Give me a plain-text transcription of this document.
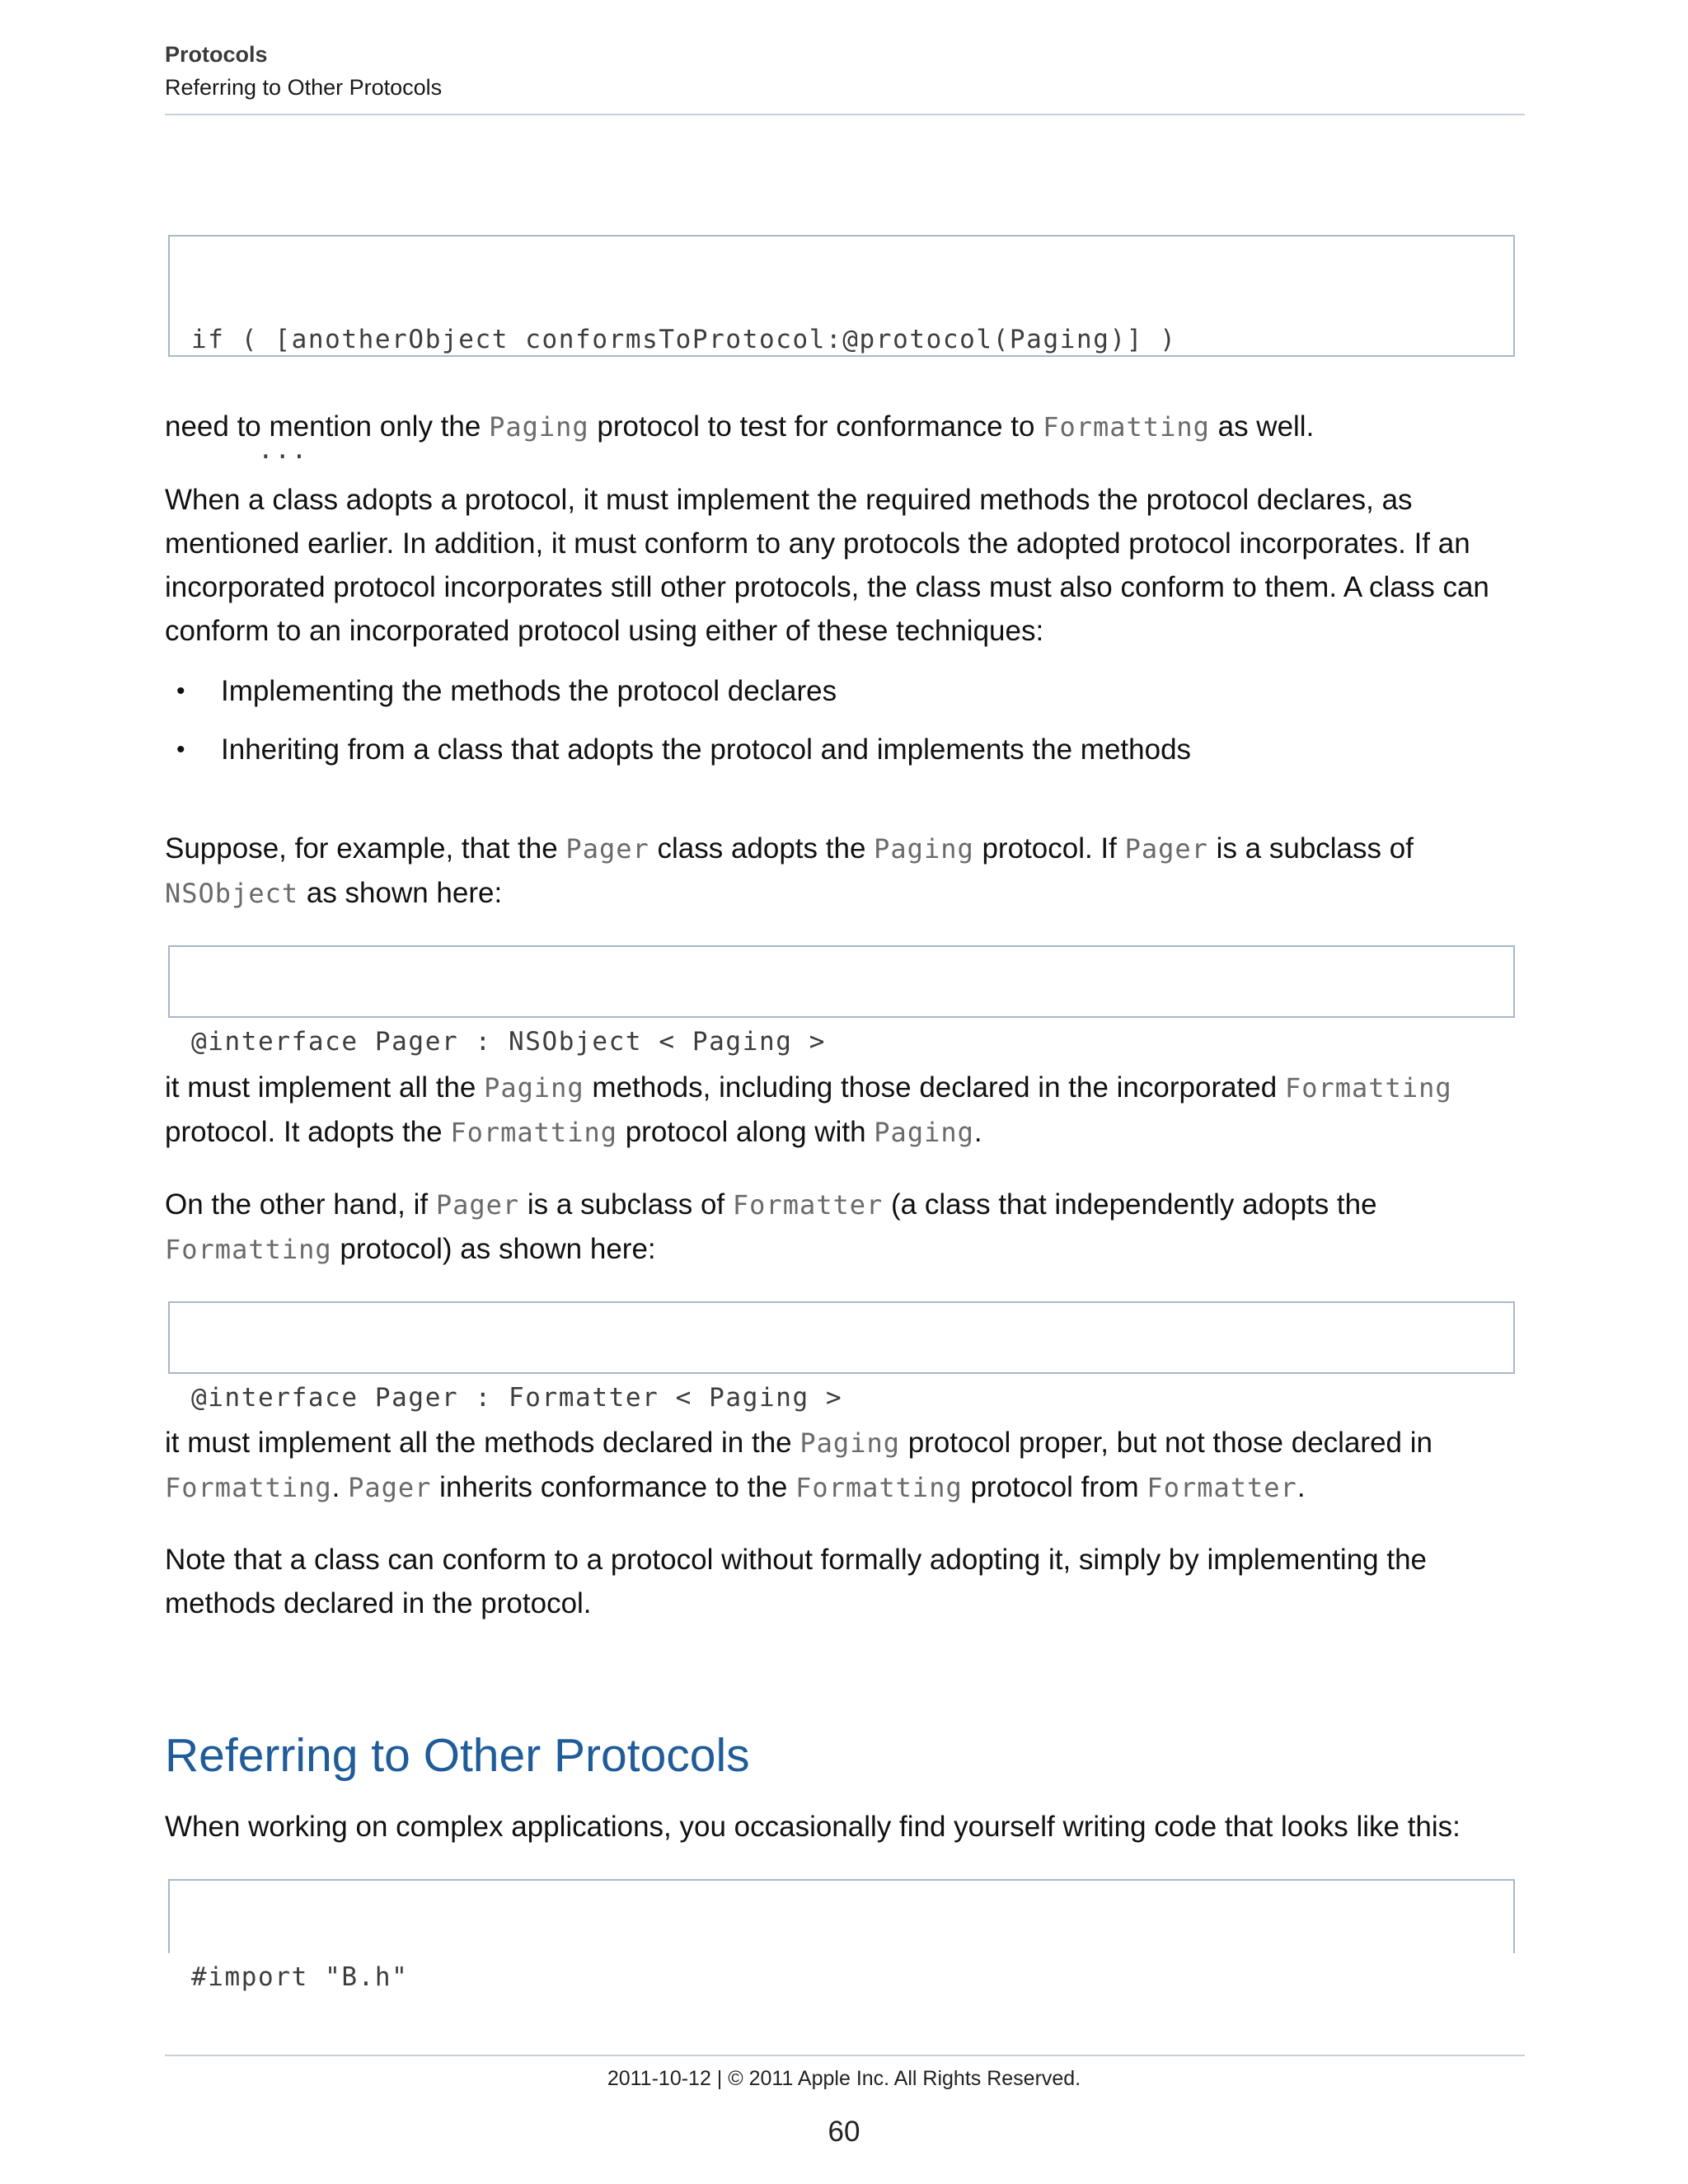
Protocols
Referring to Other Protocols

if ( [anotherObject conformsToProtocol:@protocol(Paging)] )

...

need to mention only the Paging protocol to test for conformance to Formatting as well.
When a class adopts a protocol, it must implement the required methods the protocol declares, as mentioned earlier. In addition, it must conform to any protocols the adopted protocol incorporates. If an incorporated protocol incorporates still other protocols, the class must also conform to them. A class can conform to an incorporated protocol using either of these techniques:
• Implementing the methods the protocol declares
• Inheriting from a class that adopts the protocol and implements the methods
Suppose, for example, that the Pager class adopts the Paging protocol. If Pager is a subclass of NSObject as shown here:

@interface Pager : NSObject < Paging >

it must implement all the Paging methods, including those declared in the incorporated Formatting protocol. It adopts the Formatting protocol along with Paging.
On the other hand, if Pager is a subclass of Formatter (a class that independently adopts the Formatting protocol) as shown here:

@interface Pager : Formatter < Paging >

it must implement all the methods declared in the Paging protocol proper, but not those declared in Formatting. Pager inherits conformance to the Formatting protocol from Formatter.
Note that a class can conform to a protocol without formally adopting it, simply by implementing the methods declared in the protocol.
Referring to Other Protocols
When working on complex applications, you occasionally find yourself writing code that looks like this:

#import "B.h"

2011-10-12 | © 2011 Apple Inc. All Rights Reserved.
60
